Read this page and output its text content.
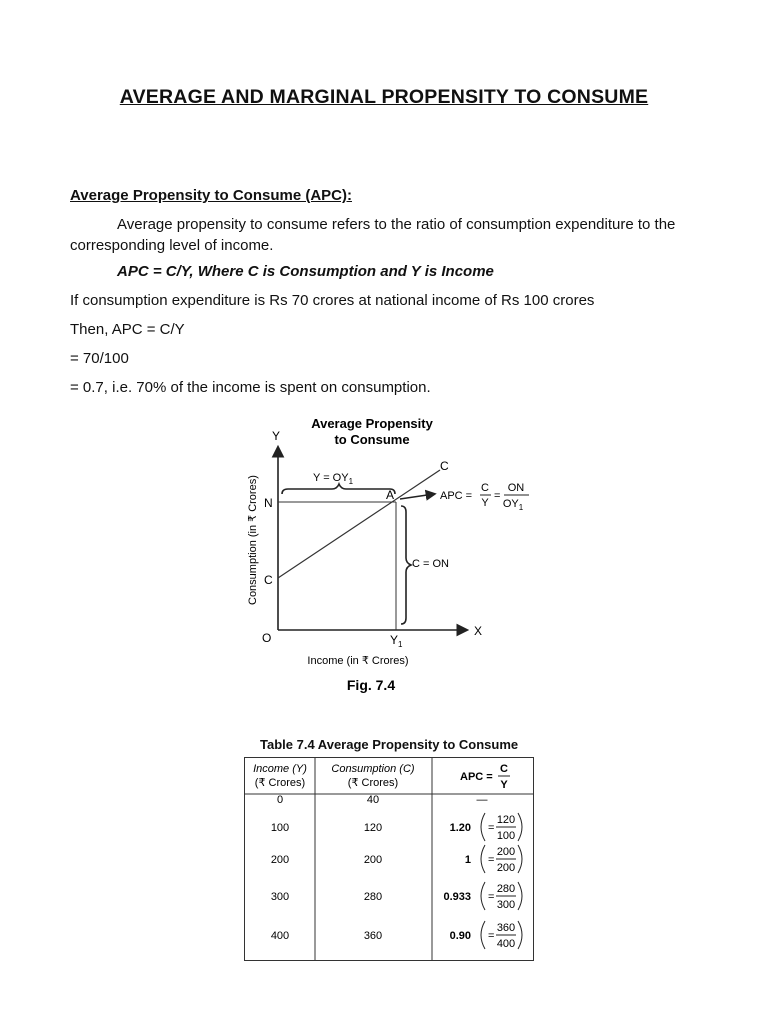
AVERAGE AND MARGINAL PROPENSITY TO CONSUME
Average Propensity to Consume (APC):
Average propensity to consume refers to the ratio of consumption expenditure to the corresponding level of income.
APC = C/Y, Where C is Consumption and Y is Income
If consumption expenditure is Rs 70 crores at national income of Rs 100 crores
Then, APC = C/Y
= 70/100
= 0.7, i.e. 70% of the income is spent on consumption.
Average Propensity
to Consume
Y
X
O
C
C
N
A
$Y_1$
$Y = OY_1$
C = ON
APC =
C
Y
=
ON
$OY_1$
Consumption (in ₹ Crores)
Income (in ₹ Crores)
Fig. 7.4
Table 7.4 Average Propensity to Consume
Income (Y)
(₹ Crores)
Consumption (C)
(₹ Crores)	APC =
C
Y
0	40	—
100	120	1.20 =
120
100
200	200	1 =
200
200
300	280	0.933 =
280
300
400	360	0.90 =
360
400
